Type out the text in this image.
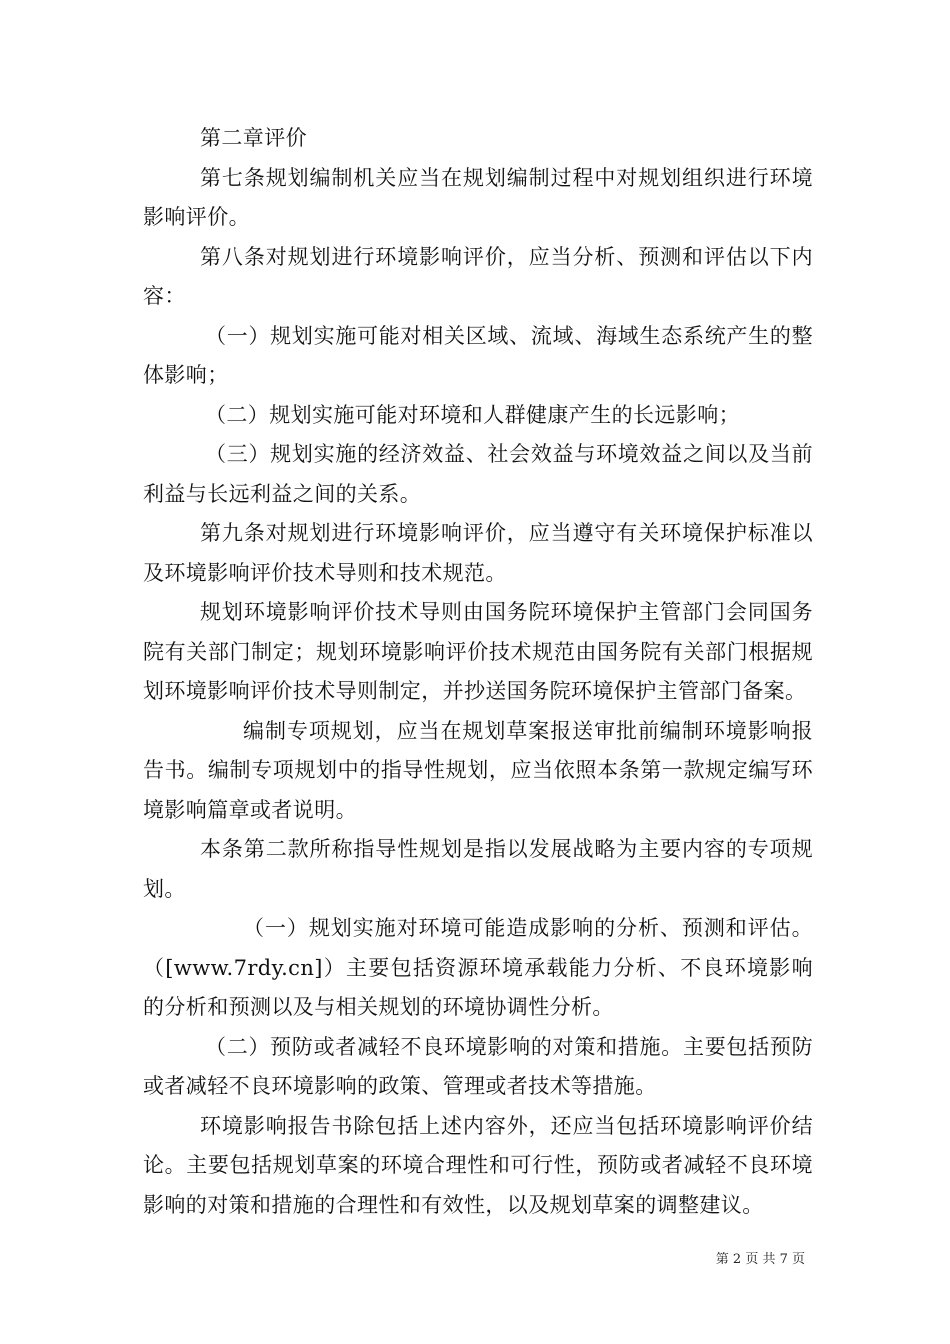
第二章评价

第七条规划编制机关应当在规划编制过程中对规划组织进行环境影响评价。

第八条对规划进行环境影响评价，应当分析、预测和评估以下内容：

（一）规划实施可能对相关区域、流域、海域生态系统产生的整体影响；

（二）规划实施可能对环境和人群健康产生的长远影响；

（三）规划实施的经济效益、社会效益与环境效益之间以及当前利益与长远利益之间的关系。

第九条对规划进行环境影响评价，应当遵守有关环境保护标准以及环境影响评价技术导则和技术规范。

规划环境影响评价技术导则由国务院环境保护主管部门会同国务院有关部门制定；规划环境影响评价技术规范由国务院有关部门根据规划环境影响评价技术导则制定，并抄送国务院环境保护主管部门备案。

编制专项规划，应当在规划草案报送审批前编制环境影响报告书。编制专项规划中的指导性规划，应当依照本条第一款规定编写环境影响篇章或者说明。

本条第二款所称指导性规划是指以发展战略为主要内容的专项规划。

（一）规划实施对环境可能造成影响的分析、预测和评估。（[www.7rdy.cn]）主要包括资源环境承载能力分析、不良环境影响的分析和预测以及与相关规划的环境协调性分析。

（二）预防或者减轻不良环境影响的对策和措施。主要包括预防或者减轻不良环境影响的政策、管理或者技术等措施。

环境影响报告书除包括上述内容外，还应当包括环境影响评价结论。主要包括规划草案的环境合理性和可行性，预防或者减轻不良环境影响的对策和措施的合理性和有效性，以及规划草案的调整建议。

第 2 页 共 7 页
